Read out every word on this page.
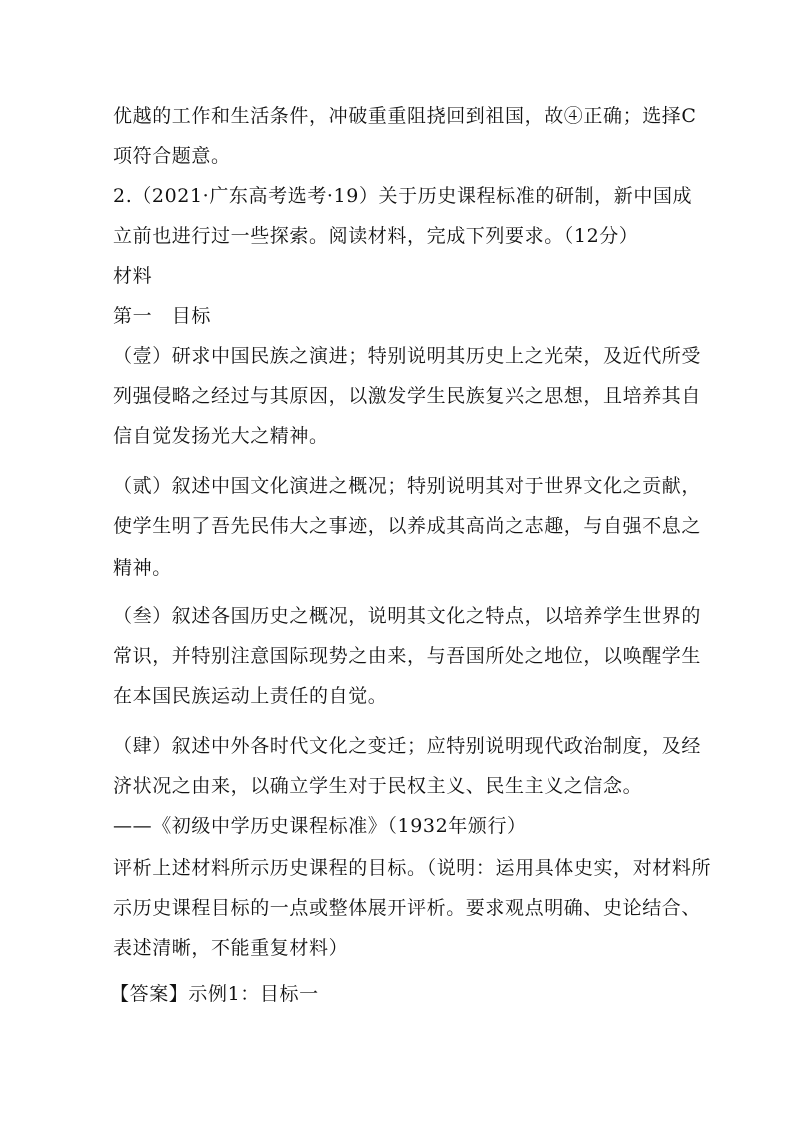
优越的工作和生活条件，冲破重重阻挠回到祖国，故④正确；选择C
项符合题意。
2.（2021·广东高考选考·19）关于历史课程标准的研制，新中国成
立前也进行过一些探索。阅读材料，完成下列要求。（12分）
材料
第一　目标
（壹）研求中国民族之演进；特别说明其历史上之光荣，及近代所受
列强侵略之经过与其原因，以激发学生民族复兴之思想，且培养其自
信自觉发扬光大之精神。
（贰）叙述中国文化演进之概况；特别说明其对于世界文化之贡献，
使学生明了吾先民伟大之事迹，以养成其高尚之志趣，与自强不息之
精神。
（叁）叙述各国历史之概况，说明其文化之特点，以培养学生世界的
常识，并特别注意国际现势之由来，与吾国所处之地位，以唤醒学生
在本国民族运动上责任的自觉。
（肆）叙述中外各时代文化之变迁；应特别说明现代政治制度，及经
济状况之由来，以确立学生对于民权主义、民生主义之信念。
——《初级中学历史课程标准》（1932年颁行）
评析上述材料所示历史课程的目标。（说明：运用具体史实，对材料所
示历史课程目标的一点或整体展开评析。要求观点明确、史论结合、
表述清晰，不能重复材料）
【答案】示例1：目标一
